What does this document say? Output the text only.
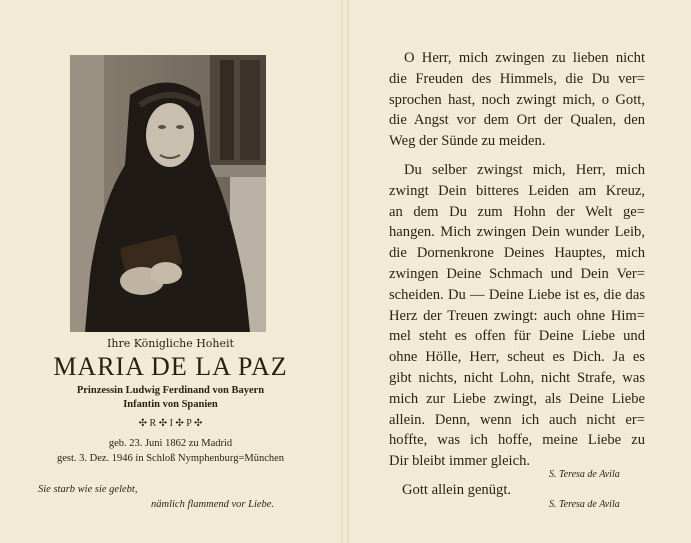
Ihre Königliche Hoheit
MARIA DE LA PAZ
Prinzessin Ludwig Ferdinand von Bayern
Infantin von Spanien
✣ R ✣ I ✣ P ✣
geb. 23. Juni 1862 zu Madrid
gest. 3. Dez. 1946 in Schloß Nymphenburg=München
Sie starb wie sie gelebt,
nämlich flammend vor Liebe.
O Herr, mich zwingen zu lieben nicht
die Freuden des Himmels, die Du ver=
sprochen hast, noch zwingt mich, o Gott,
die Angst vor dem Ort der Qualen, den
Weg der Sünde zu meiden.
Du selber zwingst mich, Herr, mich
zwingt Dein bitteres Leiden am Kreuz,
an dem Du zum Hohn der Welt ge=
hangen. Mich zwingen Dein wunder Leib,
die Dornenkrone Deines Hauptes, mich
zwingen Deine Schmach und Dein Ver=
scheiden. Du — Deine Liebe ist es, die das
Herz der Treuen zwingt: auch ohne Him=
mel steht es offen für Deine Liebe und
ohne Hölle, Herr, scheut es Dich. Ja es
gibt nichts, nicht Lohn, nicht Strafe, was
mich zur Liebe zwingt, als Deine Liebe
allein. Denn, wenn ich auch nicht er=
hoffte, was ich hoffe, meine Liebe zu
Dir bleibt immer gleich.
S. Teresa de Avila
Gott allein genügt.
S. Teresa de Avila
